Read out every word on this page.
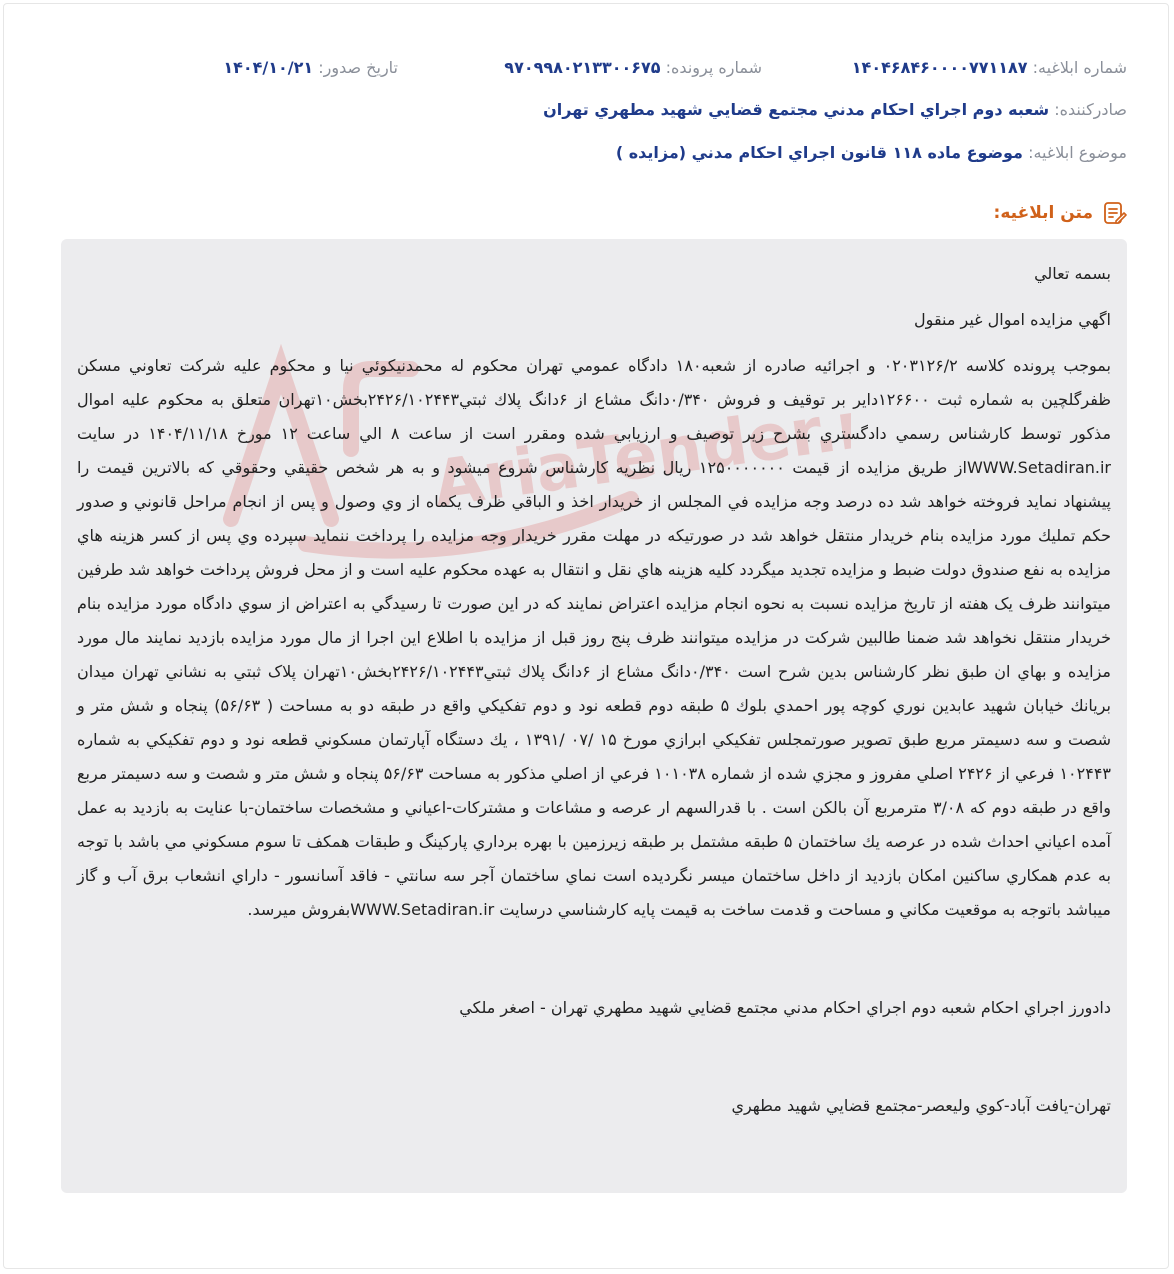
شماره ابلاغيه: ۱۴۰۴۶۸۴۶۰۰۰۰۷۷۱۱۸۷
شماره پرونده: ۹۷۰۹۹۸۰۲۱۳۳۰۰۶۷۵
تاريخ صدور: ۱۴۰۴/۱۰/۲۱
صادرکننده: شعبه دوم اجراي احكام مدني مجتمع قضايي شهيد مطهري تهران
موضوع ابلاغيه: موضوع ماده ۱۱۸ قانون اجراي احکام مدني (مزايده )
متن ابلاغيه:
AriaTender.net

بسمه تعالي

اگهي مزايده اموال غير منقول

بموجب پرونده كلاسه ۰۲۰۳۱۲۶/۲ و اجرائيه صادره از شعبه۱۸۰ دادگاه عمومي تهران محکوم له محمدنيكوئي نيا و محکوم عليه شركت تعاوني مسكن ظفرگلچين به شماره ثبت ۱۲۶۶۰۰داير بر توقيف و فروش ۰/۳۴۰دانگ مشاع از ۶دانگ پلاك ثبتي۲۴۲۶/۱۰۲۴۴۳بخش۱۰تهران متعلق به محکوم عليه اموال مذكور توسط کارشناس رسمي دادگستري بشرح زير توصيف و ارزيابي شده ومقرر است از ساعت ۸ الي ساعت ۱۲ مورخ ۱۴۰۴/۱۱/۱۸ در سايت WWW.Setadiran.irاز طريق مزايده از قيمت ۱۲۵۰۰۰۰۰۰۰ ريال نظريه كارشناس شروع ميشود و به هر شخص حقيقي وحقوقي که بالاترين قيمت را پيشنهاد نمايد فروخته خواهد شد ده درصد وجه مزايده في المجلس از خريدار اخذ و الباقي ظرف يكماه از وي وصول و پس از انجام مراحل قانوني و صدور حكم تمليك مورد مزايده بنام خريدار منتقل خواهد شد در صورتيكه در مهلت مقرر خريدار وجه مزايده را پرداخت ننمايد سپرده وي پس از كسر هزينه هاي مزايده به نفع صندوق دولت ضبط و مزايده تجديد ميگردد كليه هزينه هاي نقل و انتقال به عهده محكوم عليه است و از محل فروش پرداخت خواهد شد طرفين ميتوانند ظرف يک هفته از تاريخ مزايده نسبت به نحوه انجام مزايده اعتراض نمايند که در اين صورت تا رسيدگي به اعتراض از سوي دادگاه مورد مزايده بنام خريدار منتقل نخواهد شد ضمنا طالبين شرکت در مزايده ميتوانند ظرف پنج روز قبل از مزايده با اطلاع اين اجرا از مال مورد مزايده بازديد نمايند مال مورد مزايده و بهاي ان طبق نظر کارشناس بدين شرح است ۰/۳۴۰دانگ مشاع از ۶دانگ پلاك ثبتي۲۴۲۶/۱۰۲۴۴۳بخش۱۰تهران پلاک ثبتي به نشاني تهران ميدان بريانك خيابان شهيد عابدين نوري كوچه پور احمدي بلوك ۵ طبقه دوم قطعه نود و دوم تفكيكي واقع در طبقه دو به مساحت ( ۵۶/۶۳) پنجاه و شش متر و شصت و سه دسيمتر مربع طبق تصوير صورتمجلس تفكيكي ابرازي مورخ ۱۵ /۰۷ /۱۳۹۱ ، يك دستگاه آپارتمان مسكوني قطعه نود و دوم تفكيكي به شماره ۱۰۲۴۴۳ فرعي از ۲۴۲۶ اصلي مفروز و مجزي شده از شماره ۱۰۱۰۳۸ فرعي از اصلي مذكور به مساحت ۵۶/۶۳ پنجاه و شش متر و شصت و سه دسيمتر مربع واقع در طبقه دوم كه ۳/۰۸ مترمربع آن بالكن است . با قدرالسهم ار عرصه و مشاعات و مشتركات-اعياني و مشخصات ساختمان-با عنايت به بازديد به عمل آمده اعياني احداث شده در عرصه يك ساختمان ۵ طبقه مشتمل بر طبقه زيرزمين با بهره برداري پاركينگ و طبقات همكف تا سوم مسكوني مي باشد با توجه به عدم همكاري ساكنين امكان بازديد از داخل ساختمان ميسر نگرديده است نماي ساختمان آجر سه سانتي - فاقد آسانسور - داراي انشعاب برق آب و گاز ميباشد باتوجه به موقعيت مكاني و مساحت و قدمت ساخت به قيمت پايه كارشناسي درسايت WWW.Setadiran.irبفروش ميرسد.

دادورز اجراي احكام شعبه دوم اجراي احكام مدني مجتمع قضايي شهيد مطهري تهران - اصغر ملكي

تهران-يافت آباد-كوي وليعصر-مجتمع قضايي شهيد مطهري
